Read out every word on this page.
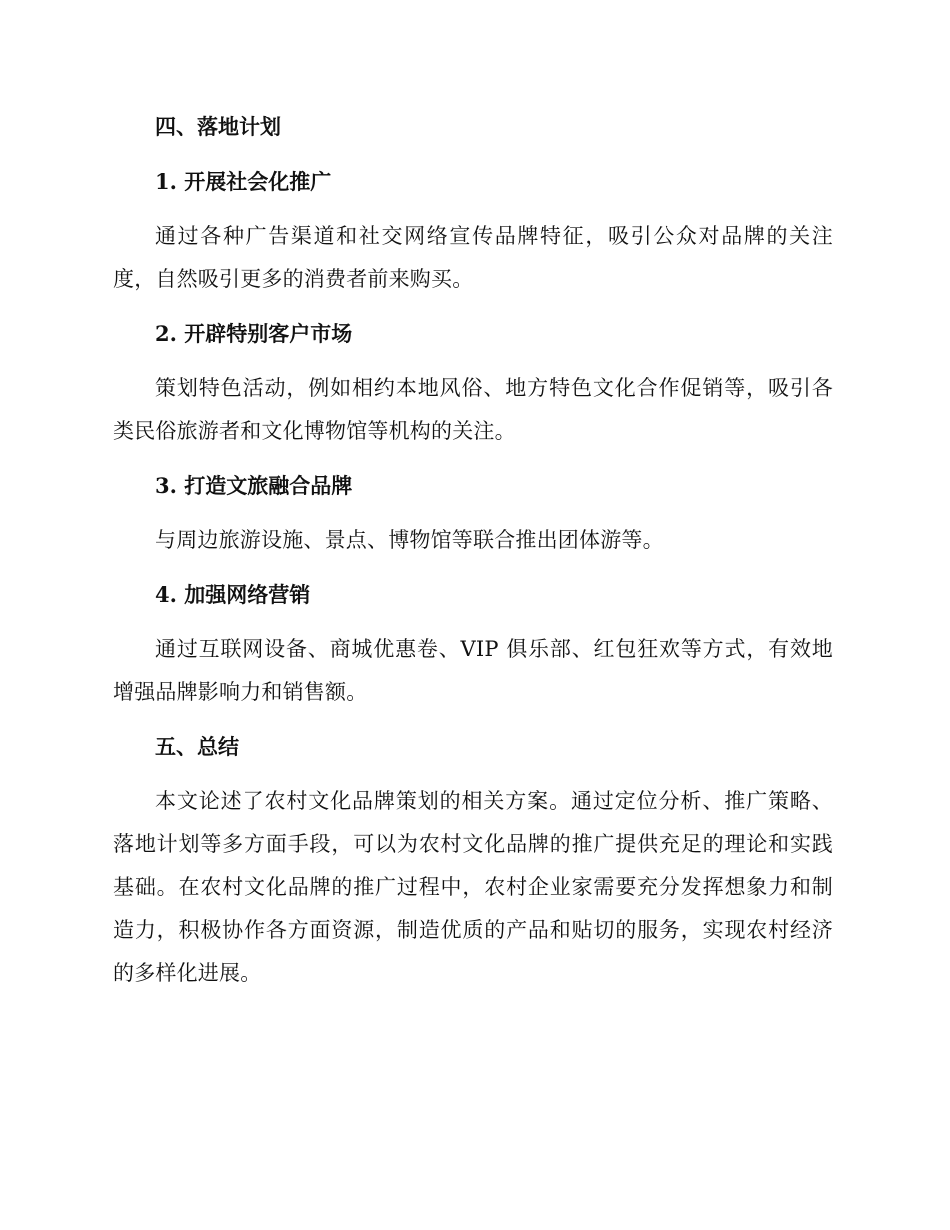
四、落地计划
1. 开展社会化推广

通过各种广告渠道和社交网络宣传品牌特征，吸引公众对品牌的关注度，自然吸引更多的消费者前来购买。

2. 开辟特别客户市场

策划特色活动，例如相约本地风俗、地方特色文化合作促销等，吸引各类民俗旅游者和文化博物馆等机构的关注。

3. 打造文旅融合品牌

与周边旅游设施、景点、博物馆等联合推出团体游等。

4. 加强网络营销

通过互联网设备、商城优惠卷、VIP 俱乐部、红包狂欢等方式，有效地增强品牌影响力和销售额。

五、总结

本文论述了农村文化品牌策划的相关方案。通过定位分析、推广策略、落地计划等多方面手段，可以为农村文化品牌的推广提供充足的理论和实践基础。在农村文化品牌的推广过程中，农村企业家需要充分发挥想象力和制造力，积极协作各方面资源，制造优质的产品和贴切的服务，实现农村经济的多样化进展。
